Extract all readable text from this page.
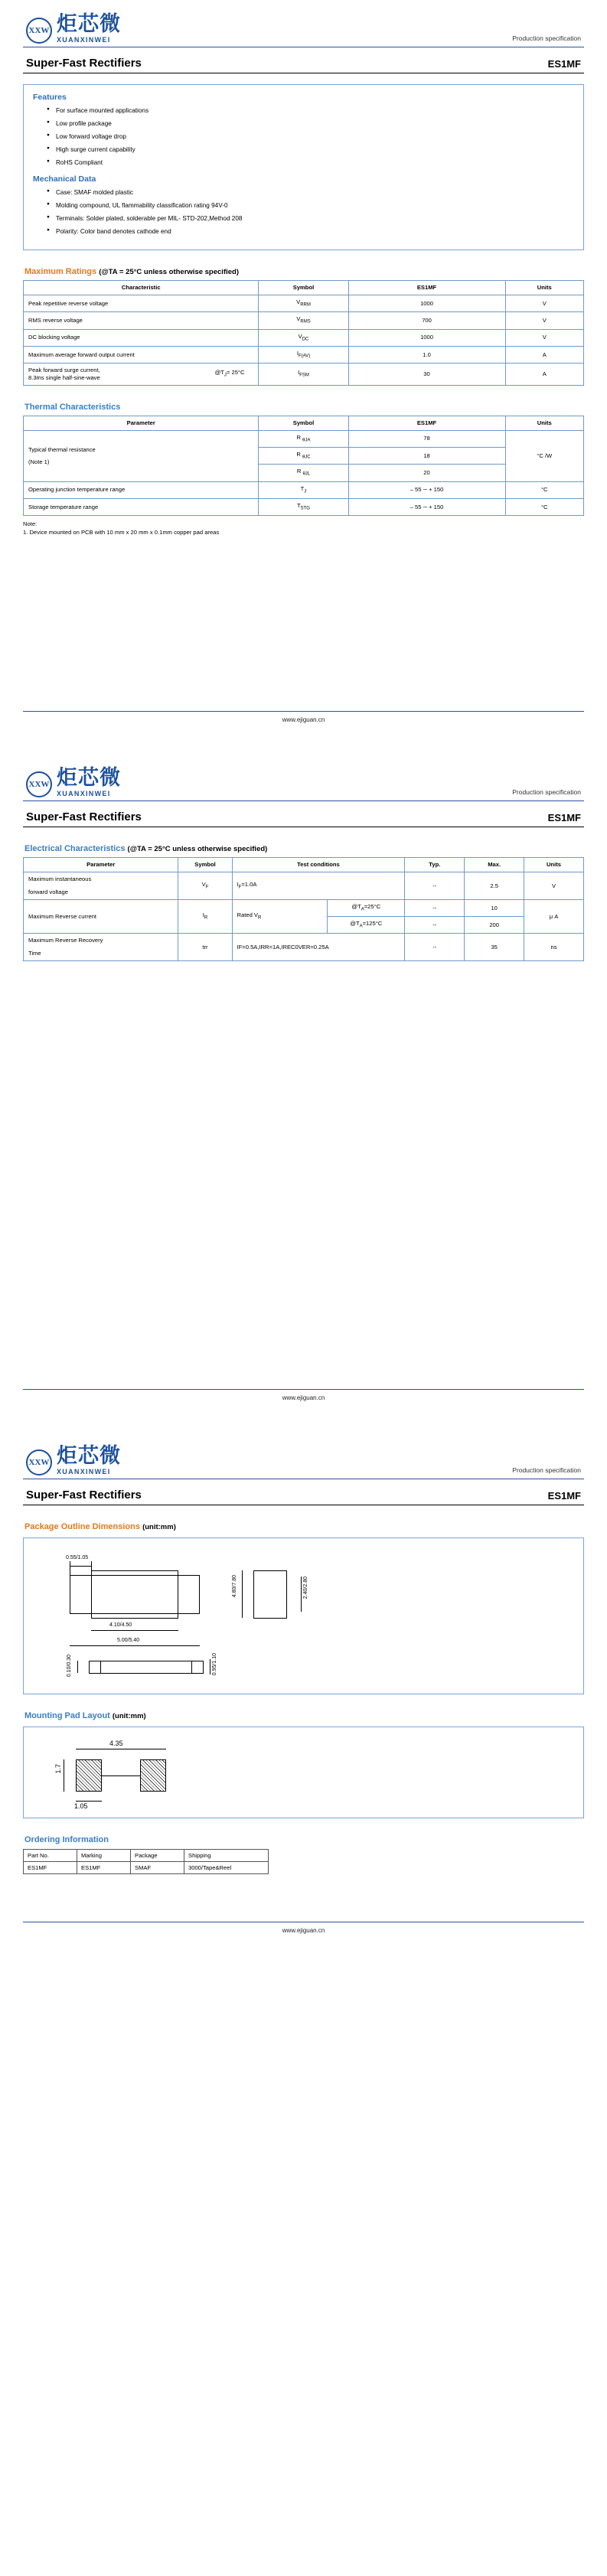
XXW 炬芯微
XUANXINWEI	Production specification
Super-Fast Rectifiers	ES1MF
Features
● For surface mounted applications
● Low profile package
● Low forward voltage drop
● High surge current capability
● RoHS Compliant
Mechanical Data
● Case: SMAF molded plastic
● Molding compound, UL flammability classification rating 94V-0
● Terminals: Solder plated, solderable per MIL- STD-202,Method 208
● Polarity: Color band denotes cathode end
Maximum Ratings (@TA = 25°C unless otherwise specified)
Characteristic	Symbol	ES1MF	Units
Peak repetitive reverse voltage	$V_{RRM}$	1000	V
RMS reverse voltage	$V_{RMS}$	700	V
DC blocking voltage	$V_{DC}$	1000	V
Maximum average forward output current	$I_{F(AV)}$	1.0	A

Peak forward surge current,
8.3ms single half-sine-wave
$@T_J= 25^\circ C$	$I_{FSM}$	30	A
Thermal Characteristics
Parameter	Symbol	ES1MF	Units

Typical thermal resistance
(Note 1)	R $_{\theta JA}$	78	°C /W
	R $_{\theta JC}$	18	
	R $_{\theta JL}$	20	
Operating junction temperature range	$T_J$	– 55 ─ + 150	°C
Storage temperature range	$T_{STG}$	– 55 ─ + 150	°C
Note:
1. Device mounted on PCB with 10 mm x 20 mm x 0.1mm copper pad areas
www.ejiguan.cn
XXW 炬芯微
XUANXINWEI	Production specification
Super-Fast Rectifiers	ES1MF
Electrical Characteristics (@TA = 25°C unless otherwise specified)
Parameter	Symbol	Test conditions		Typ.	Max.	Units

Maximum instantaneous
forward voltage	$V_F$	$I_F=1.0A$		--	2.5	V
Maximum Reverse current	$I_R$	Rated $V_R$	$@T_A=25^\circ C$	--	10	μ A
			$@T_A=125^\circ C$	--	200	

Maximum Reverse Recovery
Time	trr	IF=0.5A,IRR=1A,IREC0VER=0.25A		--	35	ns
www.ejiguan.cn
XXW 炬芯微
XUANXINWEI	Production specification
Super-Fast Rectifiers	ES1MF
Package Outline Dimensions (unit:mm)
0.55/1.05
4.10/4.50
5.00/5.40
4.80/7.80	2.40/2.80
0.10/0.30	0.95/1.10
Mounting Pad Layout (unit:mm)
4.35
1.7
1.05
Ordering Information
Part No.	Marking	Package	Shipping
ES1MF	ES1MF	SMAF	3000/Tape&Reel
www.ejiguan.cn
